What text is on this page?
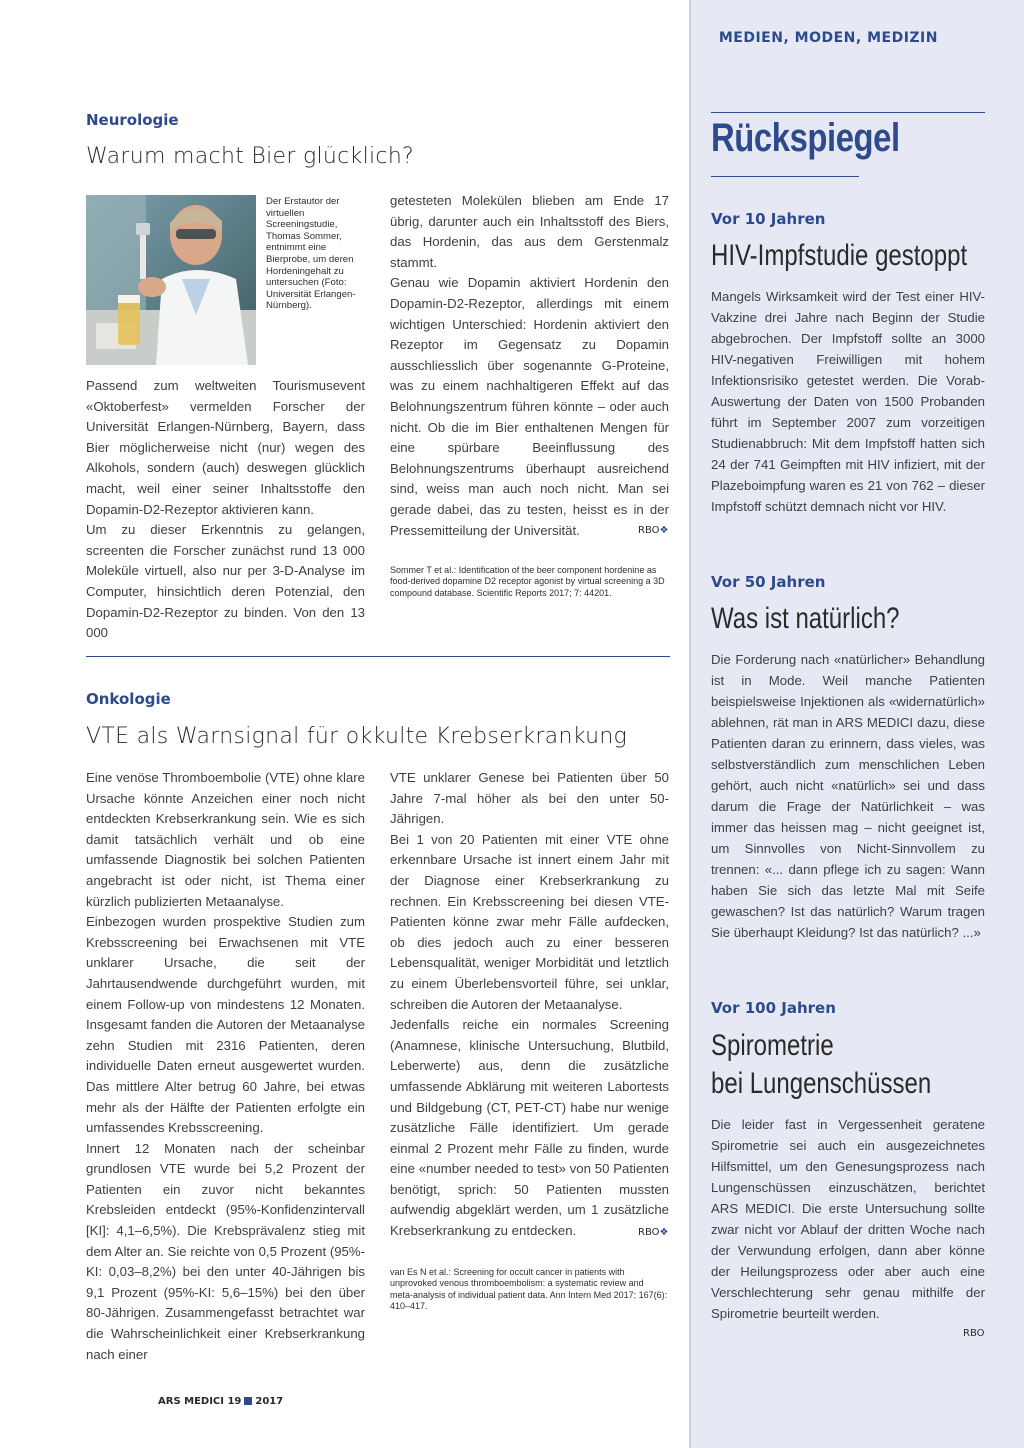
MEDIEN, MODEN, MEDIZIN
Neurologie
Warum macht Bier glücklich?
Der Erstautor der virtuellen Screeningstudie, Thomas Sommer, entnimmt eine Bierprobe, um deren Hordeningehalt zu untersuchen (Foto: Universität Erlangen-Nürnberg).

Passend zum weltweiten Tourismusevent «Oktoberfest» vermelden Forscher der Universität Erlangen-Nürnberg, Bayern, dass Bier möglicherweise nicht (nur) wegen des Alkohols, sondern (auch) deswegen glücklich macht, weil einer seiner Inhaltsstoffe den Dopamin-D2-Rezeptor aktivieren kann.

Um zu dieser Erkenntnis zu gelangen, screenten die Forscher zunächst rund 13 000 Moleküle virtuell, also nur per 3-D-Analyse im Computer, hinsichtlich deren Potenzial, den Dopamin-D2-Rezeptor zu binden. Von den 13 000

getesteten Molekülen blieben am Ende 17 übrig, darunter auch ein Inhaltsstoff des Biers, das Hordenin, das aus dem Gerstenmalz stammt.

Genau wie Dopamin aktiviert Hordenin den Dopamin-D2-Rezeptor, allerdings mit einem wichtigen Unterschied: Hordenin aktiviert den Rezeptor im Gegensatz zu Dopamin ausschliesslich über sogenannte G-Proteine, was zu einem nachhaltigeren Effekt auf das Belohnungszentrum führen könnte – oder auch nicht. Ob die im Bier enthaltenen Mengen für eine spürbare Beeinflussung des Belohnungszentrums überhaupt ausreichend sind, weiss man auch noch nicht. Man sei gerade dabei, das zu testen, heisst es in der Pressemitteilung der Universität.	RBO❖
Sommer T et al.: Identification of the beer component hordenine as food-derived dopamine D2 receptor agonist by virtual screening a 3D compound database. Scientific Reports 2017; 7: 44201.
Onkologie
VTE als Warnsignal für okkulte Krebserkrankung

Eine venöse Thromboembolie (VTE) ohne klare Ursache könnte Anzeichen einer noch nicht entdeckten Krebserkrankung sein. Wie es sich damit tatsächlich verhält und ob eine umfassende Diagnostik bei solchen Patienten angebracht ist oder nicht, ist Thema einer kürzlich publizierten Metaanalyse.

Einbezogen wurden prospektive Studien zum Krebsscreening bei Erwachsenen mit VTE unklarer Ursache, die seit der Jahrtausendwende durchgeführt wurden, mit einem Follow-up von mindestens 12 Monaten. Insgesamt fanden die Autoren der Metaanalyse zehn Studien mit 2316 Patienten, deren individuelle Daten erneut ausgewertet wurden. Das mittlere Alter betrug 60 Jahre, bei etwas mehr als der Hälfte der Patienten erfolgte ein umfassendes Krebsscreening.

Innert 12 Monaten nach der scheinbar grundlosen VTE wurde bei 5,2 Prozent der Patienten ein zuvor nicht bekanntes Krebsleiden entdeckt (95%-Konfidenzintervall [KI]: 4,1–6,5%). Die Krebsprävalenz stieg mit dem Alter an. Sie reichte von 0,5 Prozent (95%-KI: 0,03–8,2%) bei den unter 40-Jährigen bis 9,1 Prozent (95%-KI: 5,6–15%) bei den über 80-Jährigen. Zusammengefasst betrachtet war die Wahrscheinlichkeit einer Krebserkrankung nach einer

VTE unklarer Genese bei Patienten über 50 Jahre 7-mal höher als bei den unter 50-Jährigen.

Bei 1 von 20 Patienten mit einer VTE ohne erkennbare Ursache ist innert einem Jahr mit der Diagnose einer Krebserkrankung zu rechnen. Ein Krebsscreening bei diesen VTE-Patienten könne zwar mehr Fälle aufdecken, ob dies jedoch auch zu einer besseren Lebensqualität, weniger Morbidität und letztlich zu einem Überlebensvorteil führe, sei unklar, schreiben die Autoren der Metaanalyse.

Jedenfalls reiche ein normales Screening (Anamnese, klinische Untersuchung, Blutbild, Leberwerte) aus, denn die zusätzliche umfassende Abklärung mit weiteren Labortests und Bildgebung (CT, PET-CT) habe nur wenige zusätzliche Fälle identifiziert. Um gerade einmal 2 Prozent mehr Fälle zu finden, wurde eine «number needed to test» von 50 Patienten benötigt, sprich: 50 Patienten mussten aufwendig abgeklärt werden, um 1 zusätzliche Krebserkrankung zu entdecken.	RBO❖
van Es N et al.: Screening for occult cancer in patients with unprovoked venous thromboembolism: a systematic review and meta-analysis of individual patient data. Ann Intern Med 2017; 167(6): 410–417.
Rückspiegel
Vor 10 Jahren
HIV-Impfstudie gestoppt
Mangels Wirksamkeit wird der Test einer HIV-Vakzine drei Jahre nach Beginn der Studie abgebrochen. Der Impfstoff sollte an 3000 HIV-negativen Freiwilligen mit hohem Infektionsrisiko getestet werden. Die Vorab-Auswertung der Daten von 1500 Probanden führt im September 2007 zum vorzeitigen Studienabbruch: Mit dem Impfstoff hatten sich 24 der 741 Geimpften mit HIV infiziert, mit der Plazeboimpfung waren es 21 von 762 – dieser Impfstoff schützt demnach nicht vor HIV.
Vor 50 Jahren
Was ist natürlich?
Die Forderung nach «natürlicher» Behandlung ist in Mode. Weil manche Patienten beispielsweise Injektionen als «widernatürlich» ablehnen, rät man in ARS MEDICI dazu, diese Patienten daran zu erinnern, dass vieles, was selbstverständlich zum menschlichen Leben gehört, auch nicht «natürlich» sei und dass darum die Frage der Natürlichkeit – was immer das heissen mag – nicht geeignet ist, um Sinnvolles von Nicht-Sinnvollem zu trennen: «... dann pflege ich zu sagen: Wann haben Sie sich das letzte Mal mit Seife gewaschen? Ist das natürlich? Warum tragen Sie überhaupt Kleidung? Ist das natürlich? ...»
Vor 100 Jahren
Spirometrie
bei Lungenschüssen
Die leider fast in Vergessenheit geratene Spirometrie sei auch ein ausgezeichnetes Hilfsmittel, um den Genesungsprozess nach Lungenschüssen einzuschätzen, berichtet ARS MEDICI. Die erste Untersuchung sollte zwar nicht vor Ablauf der dritten Woche nach der Verwundung erfolgen, dann aber könne der Heilungsprozess oder aber auch eine Verschlechterung sehr genau mithilfe der Spirometrie beurteilt werden.
RBO
ARS MEDICI 19 2017
